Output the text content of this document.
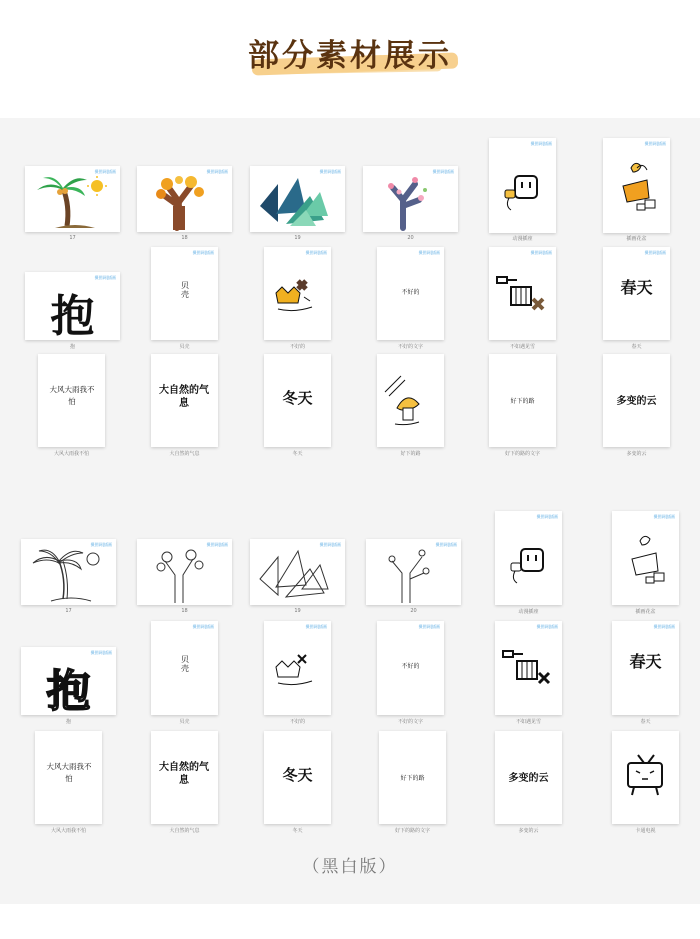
部分素材展示
摄图网|插画
17
摄图网|插画
18
摄图网|插画
19
摄图网|插画
20
摄图网|插画
动漫插座
摄图网|插画
插画花盆
摄图网|插画
抱
抱
摄图网|插画
贝壳
贝壳
摄图网|插画
不好的
摄图网|插画
不好的
不好的文字
摄图网|插画
不如遇见雪
摄图网|插画
春天
春天
大风大雨我不怕
大风大雨我不怕
大自然的气息
大自然的气息
冬天
冬天	好下的路
好下的路
好下的路的文字
多变的云
多变的云
摄图网|插画
17
摄图网|插画
18
摄图网|插画
19
摄图网|插画
20
摄图网|插画
动漫插座
摄图网|插画
插画花盆
摄图网|插画
抱
抱
摄图网|插画
贝壳
贝壳
摄图网|插画
不好的
摄图网|插画
不好的
不好的文字
摄图网|插画
不如遇见雪
摄图网|插画
春天
春天
大风大雨我不怕
大风大雨我不怕
大自然的气息
大自然的气息
冬天
冬天
好下的路
好下的路的文字
多变的云
多变的云	卡通电视
（黑白版）
